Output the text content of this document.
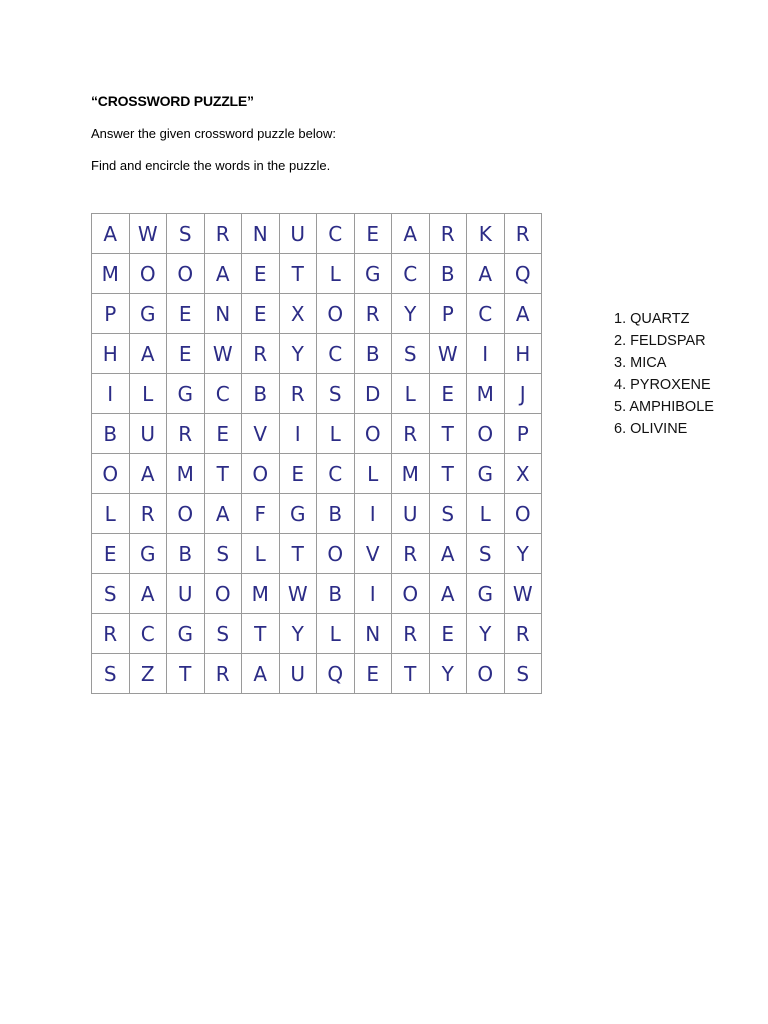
“CROSSWORD PUZZLE”
Answer the given crossword puzzle below:
Find and encircle the words in the puzzle.
A	W	S	R	N	U	C	E	A	R	K	R
M	O	O	A	E	T	L	G	C	B	A	Q
P	G	E	N	E	X	O	R	Y	P	C	A
H	A	E	W	R	Y	C	B	S	W	I	H
I	L	G	C	B	R	S	D	L	E	M	J
B	U	R	E	V	I	L	O	R	T	O	P
O	A	M	T	O	E	C	L	M	T	G	X
L	R	O	A	F	G	B	I	U	S	L	O
E	G	B	S	L	T	O	V	R	A	S	Y
S	A	U	O	M	W	B	I	O	A	G	W
R	C	G	S	T	Y	L	N	R	E	Y	R
S	Z	T	R	A	U	Q	E	T	Y	O	S
1. QUARTZ
2. FELDSPAR
3. MICA
4. PYROXENE
5. AMPHIBOLE
6. OLIVINE
